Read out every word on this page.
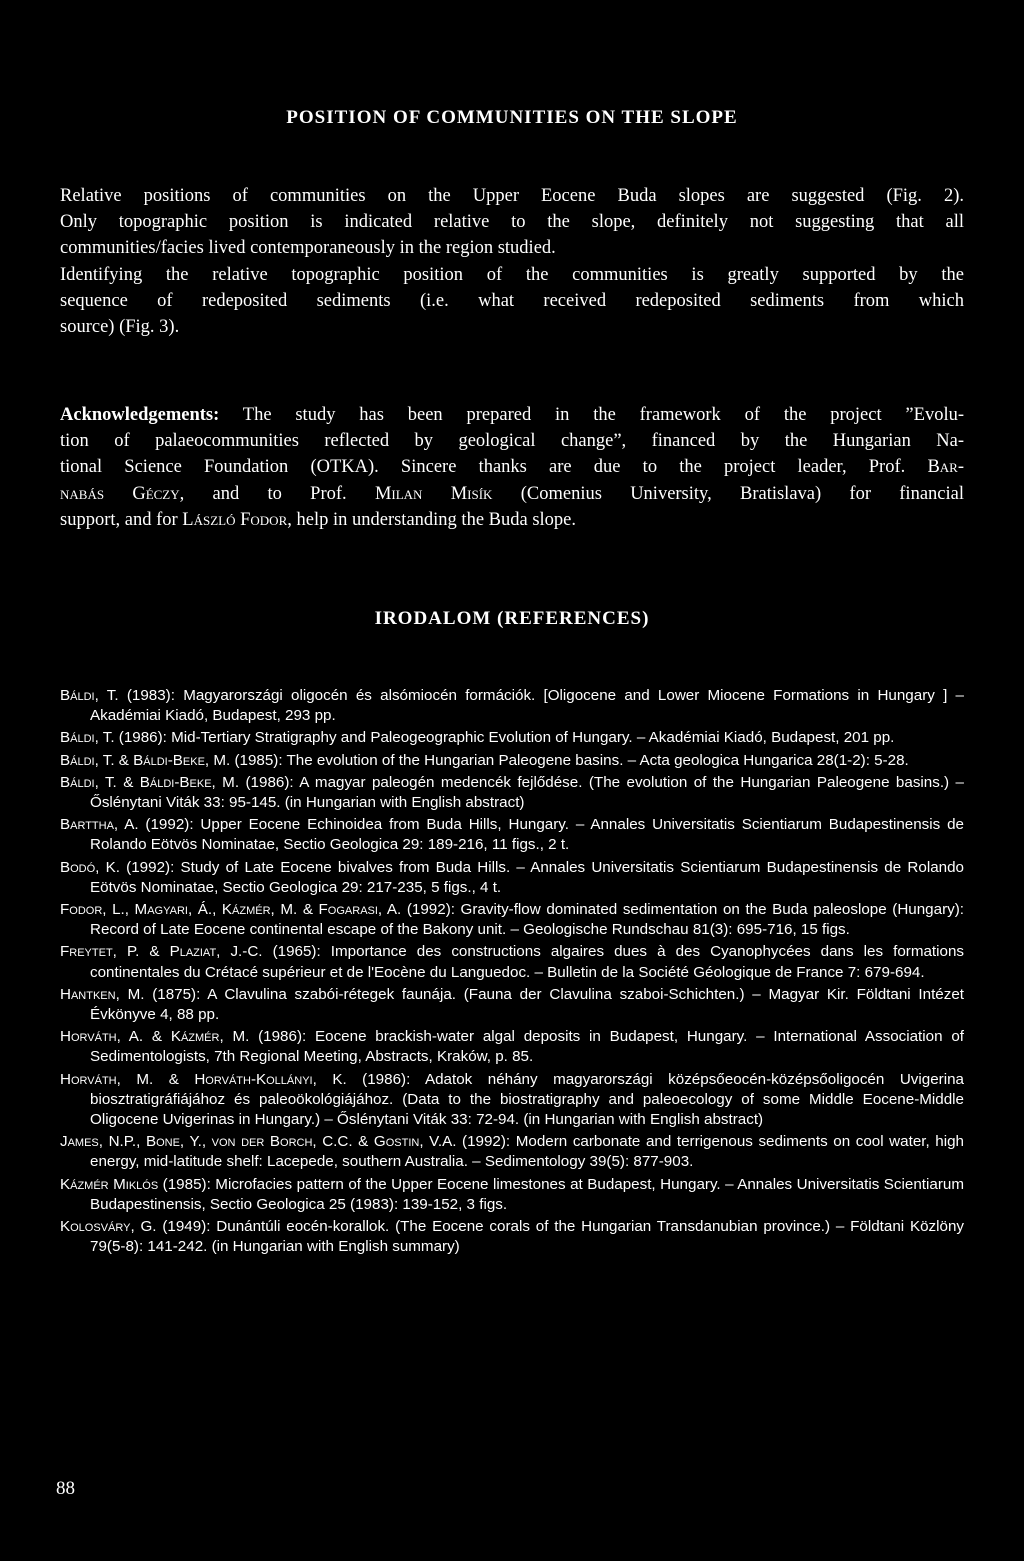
POSITION OF COMMUNITIES ON THE SLOPE

Relative positions of communities on the Upper Eocene Buda slopes are suggested (Fig. 2).
Only topographic position is indicated relative to the slope, definitely not suggesting that all
communities/facies lived contemporaneously in the region studied.
Identifying the relative topographic position of the communities is greatly supported by the
sequence of redeposited sediments (i.e. what received redeposited sediments from which
source) (Fig. 3).

Acknowledgements: The study has been prepared in the framework of the project ”Evolu-
tion of palaeocommunities reflected by geological change”, financed by the Hungarian Na-
tional Science Foundation (OTKA). Sincere thanks are due to the project leader, Prof. Bar-
nabás Géczy, and to Prof. Milan Misík (Comenius University, Bratislava) for financial
support, and for László Fodor, help in understanding the Buda slope.

IRODALOM (REFERENCES)
Báldi, T. (1983): Magyarországi oligocén és alsómiocén formációk. [Oligocene and Lower Miocene Formations in Hungary ] – Akadémiai Kiadó, Budapest, 293 pp.
Báldi, T. (1986): Mid-Tertiary Stratigraphy and Paleogeographic Evolution of Hungary. – Akadémiai Kiadó, Budapest, 201 pp.
Báldi, T. & Báldi-Beke, M. (1985): The evolution of the Hungarian Paleogene basins. – Acta geologica Hungarica 28(1-2): 5-28.
Báldi, T. & Báldi-Beke, M. (1986): A magyar paleogén medencék fejlődése. (The evolution of the Hungarian Paleogene basins.) – Őslénytani Viták 33: 95-145. (in Hungarian with English abstract)
Barttha, A. (1992): Upper Eocene Echinoidea from Buda Hills, Hungary. – Annales Universitatis Scientiarum Budapestinensis de Rolando Eötvös Nominatae, Sectio Geologica 29: 189-216, 11 figs., 2 t.
Bodó, K. (1992): Study of Late Eocene bivalves from Buda Hills. – Annales Universitatis Scientiarum Budapestinensis de Rolando Eötvös Nominatae, Sectio Geologica 29: 217-235, 5 figs., 4 t.
Fodor, L., Magyari, Á., Kázmér, M. & Fogarasi, A. (1992): Gravity-flow dominated sedimentation on the Buda paleoslope (Hungary): Record of Late Eocene continental escape of the Bakony unit. – Geologische Rundschau 81(3): 695-716, 15 figs.
Freytet, P. & Plaziat, J.-C. (1965): Importance des constructions algaires dues à des Cyanophycées dans les formations continentales du Crétacé supérieur et de l'Eocène du Languedoc. – Bulletin de la Société Géologique de France 7: 679-694.
Hantken, M. (1875): A Clavulina szabói-rétegek faunája. (Fauna der Clavulina szaboi-Schichten.) – Magyar Kir. Földtani Intézet Évkönyve 4, 88 pp.
Horváth, A. & Kázmér, M. (1986): Eocene brackish-water algal deposits in Budapest, Hungary. – International Association of Sedimentologists, 7th Regional Meeting, Abstracts, Kraków, p. 85.
Horváth, M. & Horváth-Kollányi, K. (1986): Adatok néhány magyarországi középsőeocén-középsőoligocén Uvigerina biosztratigráfiájához és paleoökológiájához. (Data to the biostratigraphy and paleoecology of some Middle Eocene-Middle Oligocene Uvigerinas in Hungary.) – Őslénytani Viták 33: 72-94. (in Hungarian with English abstract)
James, N.P., Bone, Y., von der Borch, C.C. & Gostin, V.A. (1992): Modern carbonate and terrigenous sediments on cool water, high energy, mid-latitude shelf: Lacepede, southern Australia. – Sedimentology 39(5): 877-903.
Kázmér Miklós (1985): Microfacies pattern of the Upper Eocene limestones at Budapest, Hungary. – Annales Universitatis Scientiarum Budapestinensis, Sectio Geologica 25 (1983): 139-152, 3 figs.
Kolosváry, G. (1949): Dunántúli eocén-korallok. (The Eocene corals of the Hungarian Transdanubian province.) – Földtani Közlöny 79(5-8): 141-242. (in Hungarian with English summary)
88
